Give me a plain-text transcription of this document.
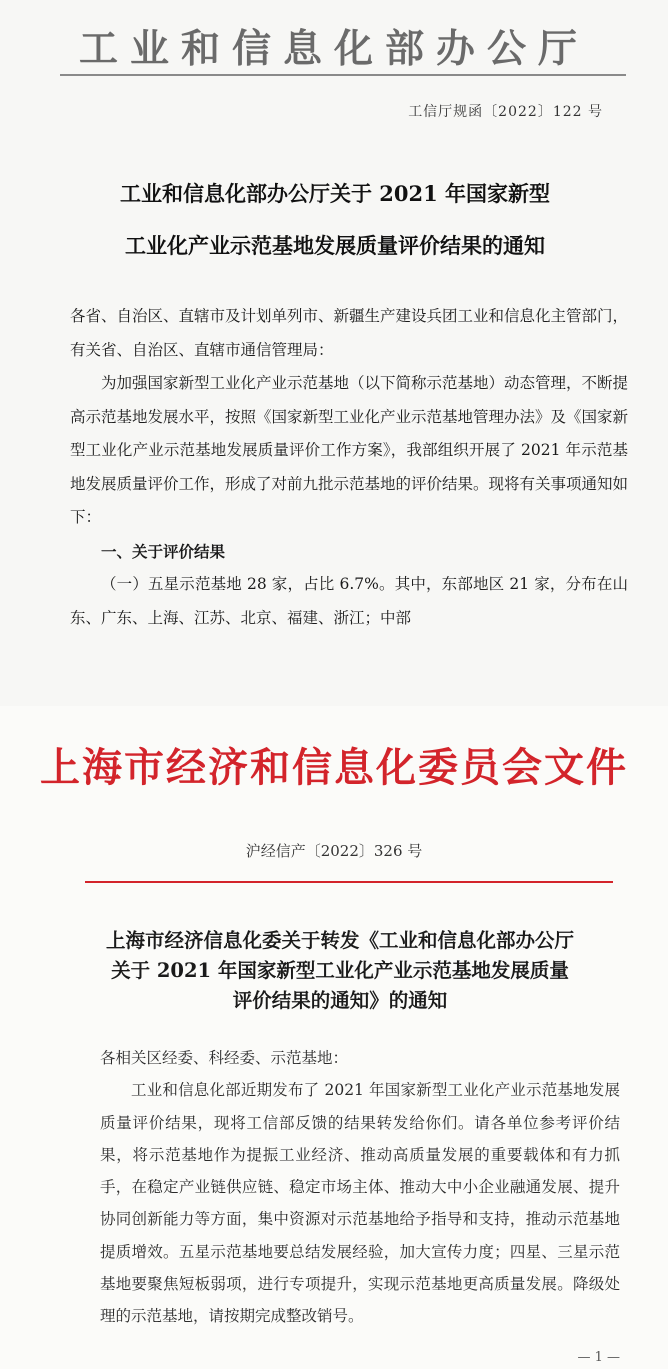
工业和信息化部办公厅
工信厅规函〔2022〕122 号
工业和信息化部办公厅关于 2021 年国家新型
工业化产业示范基地发展质量评价结果的通知

各省、自治区、直辖市及计划单列市、新疆生产建设兵团工业和信息化主管部门，有关省、自治区、直辖市通信管理局：

为加强国家新型工业化产业示范基地（以下简称示范基地）动态管理，不断提高示范基地发展水平，按照《国家新型工业化产业示范基地管理办法》及《国家新型工业化产业示范基地发展质量评价工作方案》，我部组织开展了 2021 年示范基地发展质量评价工作，形成了对前九批示范基地的评价结果。现将有关事项通知如下：

一、关于评价结果

（一）五星示范基地 28 家，占比 6.7%。其中，东部地区 21 家，分布在山东、广东、上海、江苏、北京、福建、浙江；中部

上海市经济和信息化委员会文件
沪经信产〔2022〕326 号
上海市经济信息化委关于转发《工业和信息化部办公厅
关于 2021 年国家新型工业化产业示范基地发展质量
评价结果的通知》的通知

各相关区经委、科经委、示范基地：

工业和信息化部近期发布了 2021 年国家新型工业化产业示范基地发展质量评价结果，现将工信部反馈的结果转发给你们。请各单位参考评价结果，将示范基地作为提振工业经济、推动高质量发展的重要载体和有力抓手，在稳定产业链供应链、稳定市场主体、推动大中小企业融通发展、提升协同创新能力等方面，集中资源对示范基地给予指导和支持，推动示范基地提质增效。五星示范基地要总结发展经验，加大宣传力度；四星、三星示范基地要聚焦短板弱项，进行专项提升，实现示范基地更高质量发展。降级处理的示范基地，请按期完成整改销号。

— 1 —
